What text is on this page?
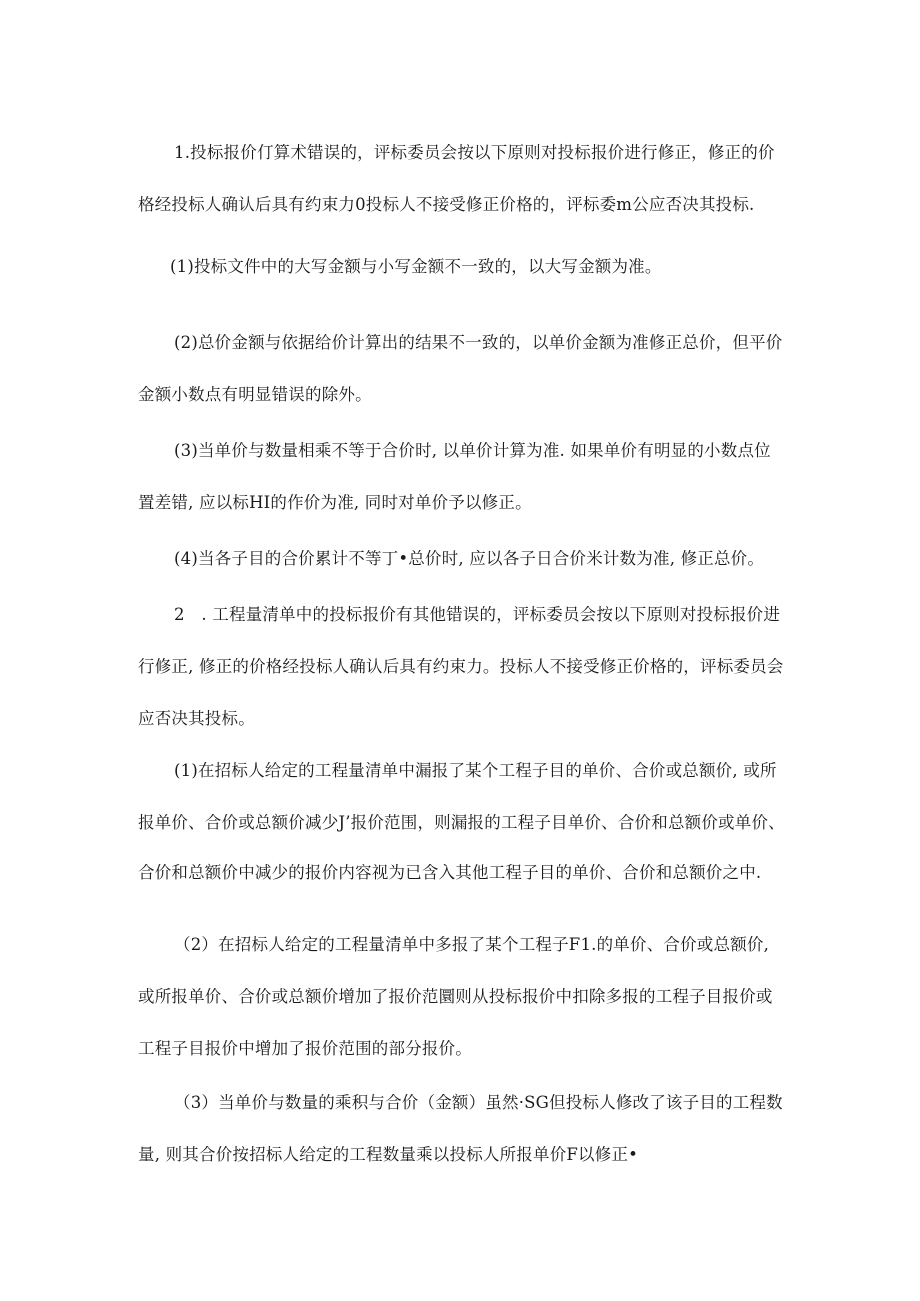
1.投标报价仃算术错误的，评标委员会按以下原则对投标报价进行修正，修正的价
格经投标人确认后具有约束力0投标人不接受修正价格的，评标委m公应否决其投标.
(1)投标文件中的大写金额与小写金额不一致的，以大写金额为准。
(2)总价金额与依据给价计算出的结果不一致的，以单价金额为准修正总价，但平价
金额小数点有明显错误的除外。
(3)当单价与数量相乘不等于合价时, 以单价计算为准. 如果单价有明显的小数点位
置差错, 应以标HI的作价为准, 同时对单价予以修正。
(4)当各子目的合价累计不等丁•总价时, 应以各子日合价米计数为准, 修正总价。
2　. 工程量清单中的投标报价有其他错误的，评标委员会按以下原则对投标报价进
行修正, 修正的价格经投标人确认后具有约束力。投标人不接受修正价格的，评标委员会
应否决其投标。
(1)在招标人给定的工程量清单中漏报了某个工程子目的单价、合价或总额价, 或所
报单价、合价或总额价减少J’报价范围，则漏报的工程子目单价、合价和总额价或单价、
合价和总额价中减少的报价内容视为已含入其他工程子目的单价、合价和总额价之中.
（2）在招标人给定的工程量清单中多报了某个工程子F1.的单价、合价或总额价,
或所报单价、合价或总额价增加了报价范圜则从投标报价中扣除多报的工程子目报价或
工程子目报价中增加了报价范围的部分报价。
（3）当单价与数量的乘积与合价（金额）虽然·SG但投标人修改了该子目的工程数
量, 则其合价按招标人给定的工程数量乘以投标人所报单价F以修正•
